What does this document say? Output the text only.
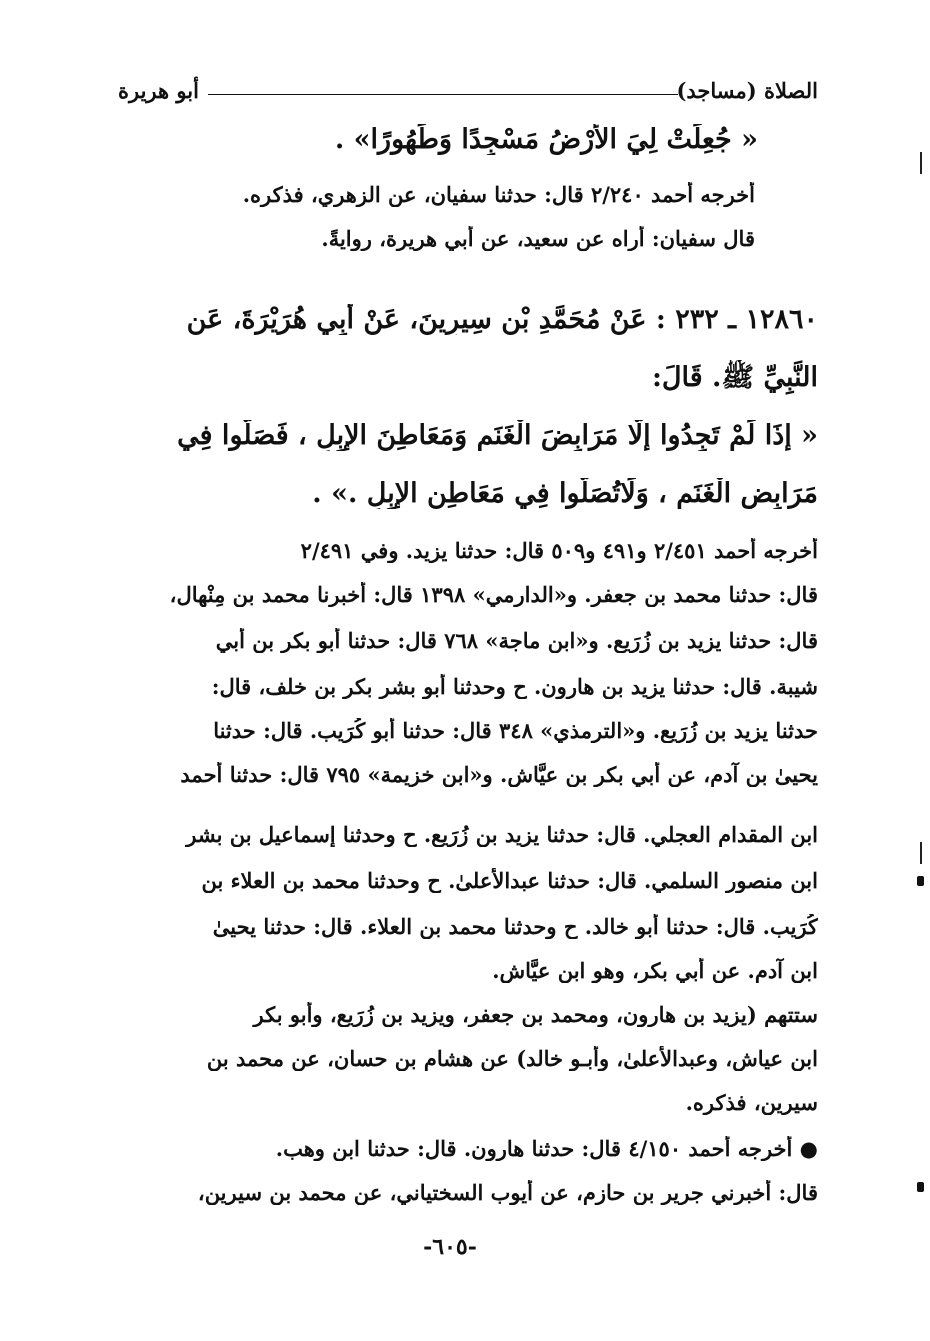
الصلاة (مساجد)
أبو هريرة
« جُعِلَتْ لِيَ الأَرْضُ مَسْجِدًا وَطَهُورًا» .
أخرجه أحمد ٢/٢٤٠ قال: حدثنا سفيان، عن الزهري، فذكره.
قال سفيان: أُراه عن سعيد، عن أبي هريرة، روايةً.
١٢٨٦٠ ـ ٢٣٢ : عَنْ مُحَمَّدِ بْنِ سِيرِينَ، عَنْ أَبِي هُرَيْرَةَ، عَنِ
النَّبِيِّ ﷺ. قَالَ:
« إِذَا لَمْ تَجِدُوا إِلَّا مَرَابِضَ الْغَنَمِ وَمَعَاطِنَ الإِبِلِ ، فَصَلُّوا فِي
مَرَابِضِ الْغَنَمِ ، وَلَاتُصَلُّوا فِي مَعَاطِنِ الإِبِلِ .» .
أخرجه أحمد ٢/٤٥١ و٤٩١ و٥٠٩ قال: حدثنا يزيد. وفي ٢/٤٩١
قال: حدثنا محمد بن جعفر. و«الدارمي» ١٣٩٨ قال: أخبرنا محمد بن مِنْهال،
قال: حدثنا يزيد بن زُرَيع. و«ابن ماجة» ٧٦٨ قال: حدثنا أبو بكر بن أبي
شيبة. قال: حدثنا يزيد بن هارون. ح وحدثنا أبو بشر بكر بن خلف، قال:
حدثنا يزيد بن زُرَيع. و«الترمذي» ٣٤٨ قال: حدثنا أبو كُرَيب. قال: حدثنا
يحيىٰ بن آدم، عن أبي بكر بن عيَّاش. و«ابن خزيمة» ٧٩٥ قال: حدثنا أحمد
ابن المقدام العجلي. قال: حدثنا يزيد بن زُرَيع. ح وحدثنا إسماعيل بن بشر
ابن منصور السلمي. قال: حدثنا عبدالأعلىٰ. ح وحدثنا محمد بن العلاء بن
كُرَيب. قال: حدثنا أبو خالد. ح وحدثنا محمد بن العلاء. قال: حدثنا يحيىٰ
ابن آدم. عن أبي بكر، وهو ابن عيَّاش.
ستتهم (يزيد بن هارون، ومحمد بن جعفر، ويزيد بن زُرَيع، وأبو بكر
ابن عياش، وعبدالأعلىٰ، وأبـو خالد) عن هشام بن حسان، عن محمد بن
سيرين، فذكره.
● أخرجه أحمد ٤/١٥٠ قال: حدثنا هارون. قال: حدثنا ابن وهب.
قال: أخبرني جرير بن حازم، عن أيوب السختياني، عن محمد بن سيرين،
-٦٠٥-
